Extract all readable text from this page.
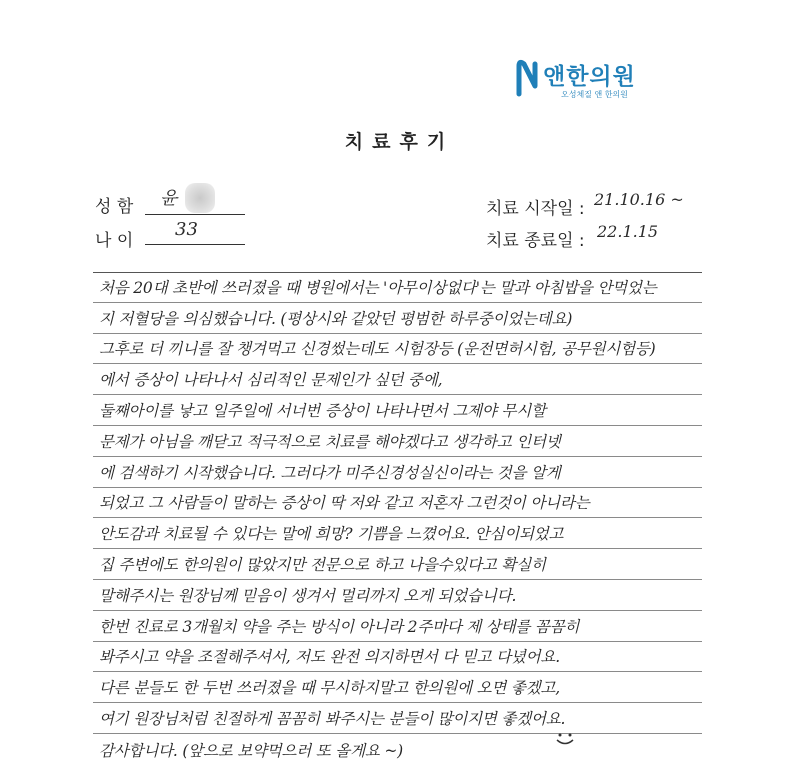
앤한의원
오성체질 앤 한의원
치료후기
성 함 윤
나 이
33
치료 시작일 : 21.10.16 ~
치료 종료일 : 22.1.15
처음 20대 초반에 쓰러졌을 때 병원에서는 '아무이상없다'는 말과 아침밥을 안먹었는
지 저혈당을 의심했습니다. (평상시와 같았던 평범한 하루중이었는데요)
그후로 더 끼니를 잘 챙겨먹고 신경썼는데도 시험장등 (운전면허시험, 공무원시험등)
에서 증상이 나타나서 심리적인 문제인가 싶던 중에,
둘째아이를 낳고 일주일에 서너번 증상이 나타나면서 그제야 무시할
문제가 아님을 깨닫고 적극적으로 치료를 해야겠다고 생각하고 인터넷
에 검색하기 시작했습니다. 그러다가 미주신경성실신이라는 것을 알게
되었고 그 사람들이 말하는 증상이 딱 저와 같고 저혼자 그런것이 아니라는
안도감과 치료될 수 있다는 말에 희망? 기쁨을 느꼈어요. 안심이되었고
집 주변에도 한의원이 많았지만 전문으로 하고 나을수있다고 확실히
말해주시는 원장님께 믿음이 생겨서 멀리까지 오게 되었습니다.
한번 진료로 3개월치 약을 주는 방식이 아니라 2주마다 제 상태를 꼼꼼히
봐주시고 약을 조절해주셔서, 저도 완전 의지하면서 다 믿고 다녔어요.
다른 분들도 한 두번 쓰러졌을 때 무시하지말고 한의원에 오면 좋겠고,
여기 원장님처럼 친절하게 꼼꼼히 봐주시는 분들이 많이지면 좋겠어요.
감사합니다. (앞으로 보약먹으러 또 올게요 ~)
